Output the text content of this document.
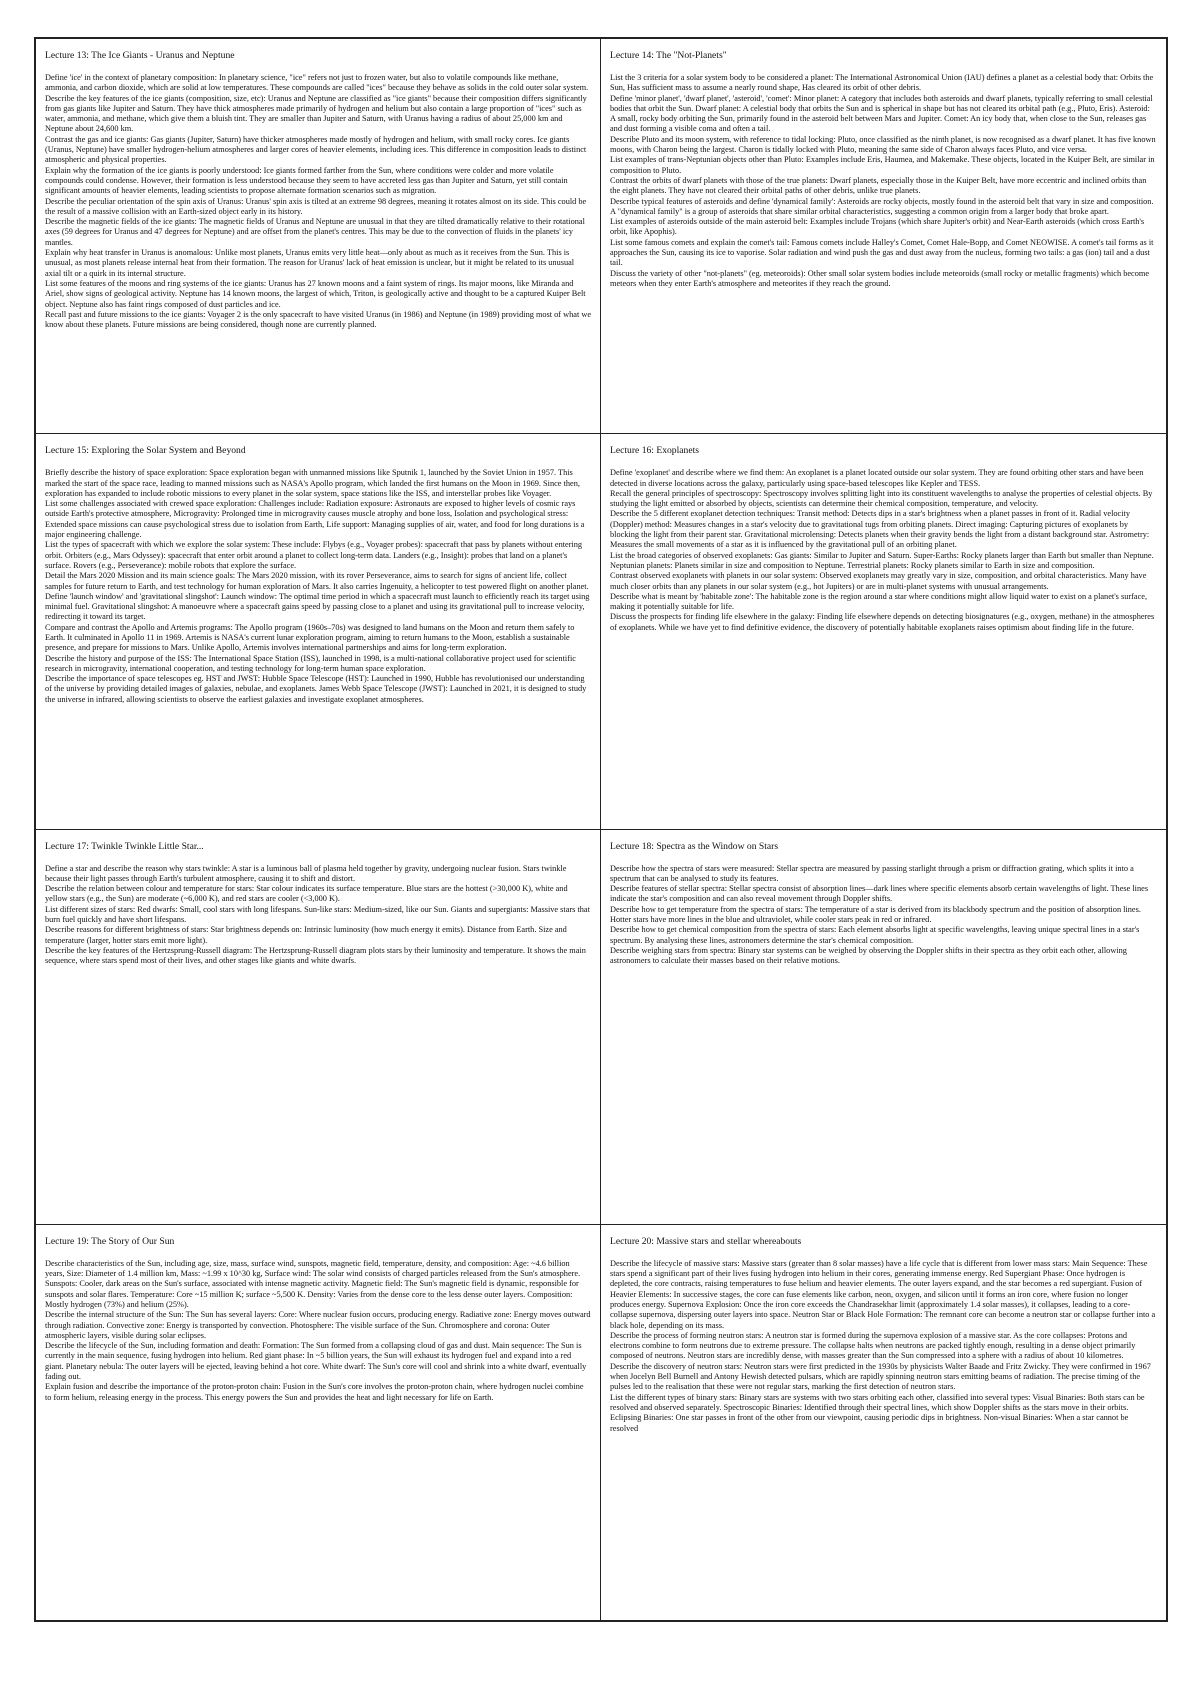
Lecture 13: The Ice Giants - Uranus and Neptune
Define 'ice' in the context of planetary composition: In planetary science, "ice" refers not just to frozen water, but also to volatile compounds like methane, ammonia, and carbon dioxide, which are solid at low temperatures. These compounds are called "ices" because they behave as solids in the cold outer solar system.
Describe the key features of the ice giants (composition, size, etc): Uranus and Neptune are classified as "ice giants" because their composition differs significantly from gas giants like Jupiter and Saturn. They have thick atmospheres made primarily of hydrogen and helium but also contain a large proportion of "ices" such as water, ammonia, and methane, which give them a bluish tint. They are smaller than Jupiter and Saturn, with Uranus having a radius of about 25,000 km and Neptune about 24,600 km.
Contrast the gas and ice giants: Gas giants (Jupiter, Saturn) have thicker atmospheres made mostly of hydrogen and helium, with small rocky cores. Ice giants (Uranus, Neptune) have smaller hydrogen-helium atmospheres and larger cores of heavier elements, including ices. This difference in composition leads to distinct atmospheric and physical properties.
Explain why the formation of the ice giants is poorly understood: Ice giants formed farther from the Sun, where conditions were colder and more volatile compounds could condense. However, their formation is less understood because they seem to have accreted less gas than Jupiter and Saturn, yet still contain significant amounts of heavier elements, leading scientists to propose alternate formation scenarios such as migration.
Describe the peculiar orientation of the spin axis of Uranus: Uranus' spin axis is tilted at an extreme 98 degrees, meaning it rotates almost on its side. This could be the result of a massive collision with an Earth-sized object early in its history.
Describe the magnetic fields of the ice giants: The magnetic fields of Uranus and Neptune are unusual in that they are tilted dramatically relative to their rotational axes (59 degrees for Uranus and 47 degrees for Neptune) and are offset from the planet's centres. This may be due to the convection of fluids in the planets' icy mantles.
Explain why heat transfer in Uranus is anomalous: Unlike most planets, Uranus emits very little heat—only about as much as it receives from the Sun. This is unusual, as most planets release internal heat from their formation. The reason for Uranus' lack of heat emission is unclear, but it might be related to its unusual axial tilt or a quirk in its internal structure.
List some features of the moons and ring systems of the ice giants: Uranus has 27 known moons and a faint system of rings. Its major moons, like Miranda and Ariel, show signs of geological activity. Neptune has 14 known moons, the largest of which, Triton, is geologically active and thought to be a captured Kuiper Belt object. Neptune also has faint rings composed of dust particles and ice.
Recall past and future missions to the ice giants: Voyager 2 is the only spacecraft to have visited Uranus (in 1986) and Neptune (in 1989) providing most of what we know about these planets. Future missions are being considered, though none are currently planned.
Lecture 14: The "Not-Planets"
List the 3 criteria for a solar system body to be considered a planet: The International Astronomical Union (IAU) defines a planet as a celestial body that: Orbits the Sun, Has sufficient mass to assume a nearly round shape, Has cleared its orbit of other debris.
Define 'minor planet', 'dwarf planet', 'asteroid', 'comet': Minor planet: A category that includes both asteroids and dwarf planets, typically referring to small celestial bodies that orbit the Sun. Dwarf planet: A celestial body that orbits the Sun and is spherical in shape but has not cleared its orbital path (e.g., Pluto, Eris). Asteroid: A small, rocky body orbiting the Sun, primarily found in the asteroid belt between Mars and Jupiter. Comet: An icy body that, when close to the Sun, releases gas and dust forming a visible coma and often a tail.
Describe Pluto and its moon system, with reference to tidal locking: Pluto, once classified as the ninth planet, is now recognised as a dwarf planet. It has five known moons, with Charon being the largest. Charon is tidally locked with Pluto, meaning the same side of Charon always faces Pluto, and vice versa.
List examples of trans-Neptunian objects other than Pluto: Examples include Eris, Haumea, and Makemake. These objects, located in the Kuiper Belt, are similar in composition to Pluto.
Contrast the orbits of dwarf planets with those of the true planets: Dwarf planets, especially those in the Kuiper Belt, have more eccentric and inclined orbits than the eight planets. They have not cleared their orbital paths of other debris, unlike true planets.
Describe typical features of asteroids and define 'dynamical family': Asteroids are rocky objects, mostly found in the asteroid belt that vary in size and composition. A "dynamical family" is a group of asteroids that share similar orbital characteristics, suggesting a common origin from a larger body that broke apart.
List examples of asteroids outside of the main asteroid belt: Examples include Trojans (which share Jupiter's orbit) and Near-Earth asteroids (which cross Earth's orbit, like Apophis).
List some famous comets and explain the comet's tail: Famous comets include Halley's Comet, Comet Hale-Bopp, and Comet NEOWISE. A comet's tail forms as it approaches the Sun, causing its ice to vaporise. Solar radiation and wind push the gas and dust away from the nucleus, forming two tails: a gas (ion) tail and a dust tail.
Discuss the variety of other "not-planets" (eg. meteoroids): Other small solar system bodies include meteoroids (small rocky or metallic fragments) which become meteors when they enter Earth's atmosphere and meteorites if they reach the ground.
Lecture 15: Exploring the Solar System and Beyond
Briefly describe the history of space exploration: Space exploration began with unmanned missions like Sputnik 1, launched by the Soviet Union in 1957. This marked the start of the space race, leading to manned missions such as NASA's Apollo program, which landed the first humans on the Moon in 1969. Since then, exploration has expanded to include robotic missions to every planet in the solar system, space stations like the ISS, and interstellar probes like Voyager.
List some challenges associated with crewed space exploration: Challenges include: Radiation exposure: Astronauts are exposed to higher levels of cosmic rays outside Earth's protective atmosphere, Microgravity: Prolonged time in microgravity causes muscle atrophy and bone loss, Isolation and psychological stress: Extended space missions can cause psychological stress due to isolation from Earth, Life support: Managing supplies of air, water, and food for long durations is a major engineering challenge.
List the types of spacecraft with which we explore the solar system: These include: Flybys (e.g., Voyager probes): spacecraft that pass by planets without entering orbit. Orbiters (e.g., Mars Odyssey): spacecraft that enter orbit around a planet to collect long-term data. Landers (e.g., Insight): probes that land on a planet's surface. Rovers (e.g., Perseverance): mobile robots that explore the surface.
Detail the Mars 2020 Mission and its main science goals: The Mars 2020 mission, with its rover Perseverance, aims to search for signs of ancient life, collect samples for future return to Earth, and test technology for human exploration of Mars. It also carries Ingenuity, a helicopter to test powered flight on another planet.
Define 'launch window' and 'gravitational slingshot': Launch window: The optimal time period in which a spacecraft must launch to efficiently reach its target using minimal fuel. Gravitational slingshot: A manoeuvre where a spacecraft gains speed by passing close to a planet and using its gravitational pull to increase velocity, redirecting it toward its target.
Compare and contrast the Apollo and Artemis programs: The Apollo program (1960s–70s) was designed to land humans on the Moon and return them safely to Earth. It culminated in Apollo 11 in 1969. Artemis is NASA's current lunar exploration program, aiming to return humans to the Moon, establish a sustainable presence, and prepare for missions to Mars. Unlike Apollo, Artemis involves international partnerships and aims for long-term exploration.
Describe the history and purpose of the ISS: The International Space Station (ISS), launched in 1998, is a multi-national collaborative project used for scientific research in microgravity, international cooperation, and testing technology for long-term human space exploration.
Describe the importance of space telescopes eg. HST and JWST: Hubble Space Telescope (HST): Launched in 1990, Hubble has revolutionised our understanding of the universe by providing detailed images of galaxies, nebulae, and exoplanets. James Webb Space Telescope (JWST): Launched in 2021, it is designed to study the universe in infrared, allowing scientists to observe the earliest galaxies and investigate exoplanet atmospheres.
Lecture 16: Exoplanets
Define 'exoplanet' and describe where we find them: An exoplanet is a planet located outside our solar system. They are found orbiting other stars and have been detected in diverse locations across the galaxy, particularly using space-based telescopes like Kepler and TESS.
Recall the general principles of spectroscopy: Spectroscopy involves splitting light into its constituent wavelengths to analyse the properties of celestial objects. By studying the light emitted or absorbed by objects, scientists can determine their chemical composition, temperature, and velocity.
Describe the 5 different exoplanet detection techniques: Transit method: Detects dips in a star's brightness when a planet passes in front of it. Radial velocity (Doppler) method: Measures changes in a star's velocity due to gravitational tugs from orbiting planets. Direct imaging: Capturing pictures of exoplanets by blocking the light from their parent star. Gravitational microlensing: Detects planets when their gravity bends the light from a distant background star. Astrometry: Measures the small movements of a star as it is influenced by the gravitational pull of an orbiting planet.
List the broad categories of observed exoplanets: Gas giants: Similar to Jupiter and Saturn. Super-Earths: Rocky planets larger than Earth but smaller than Neptune. Neptunian planets: Planets similar in size and composition to Neptune. Terrestrial planets: Rocky planets similar to Earth in size and composition.
Contrast observed exoplanets with planets in our solar system: Observed exoplanets may greatly vary in size, composition, and orbital characteristics. Many have much closer orbits than any planets in our solar system (e.g., hot Jupiters) or are in multi-planet systems with unusual arrangements.
Describe what is meant by 'habitable zone': The habitable zone is the region around a star where conditions might allow liquid water to exist on a planet's surface, making it potentially suitable for life.
Discuss the prospects for finding life elsewhere in the galaxy: Finding life elsewhere depends on detecting biosignatures (e.g., oxygen, methane) in the atmospheres of exoplanets. While we have yet to find definitive evidence, the discovery of potentially habitable exoplanets raises optimism about finding life in the future.
Lecture 17: Twinkle Twinkle Little Star...
Define a star and describe the reason why stars twinkle: A star is a luminous ball of plasma held together by gravity, undergoing nuclear fusion. Stars twinkle because their light passes through Earth's turbulent atmosphere, causing it to shift and distort.
Describe the relation between colour and temperature for stars: Star colour indicates its surface temperature. Blue stars are the hottest (>30,000 K), white and yellow stars (e.g., the Sun) are moderate (~6,000 K), and red stars are cooler (<3,000 K).
List different sizes of stars: Red dwarfs: Small, cool stars with long lifespans. Sun-like stars: Medium-sized, like our Sun. Giants and supergiants: Massive stars that burn fuel quickly and have short lifespans.
Describe reasons for different brightness of stars: Star brightness depends on: Intrinsic luminosity (how much energy it emits). Distance from Earth. Size and temperature (larger, hotter stars emit more light).
Describe the key features of the Hertzsprung-Russell diagram: The Hertzsprung-Russell diagram plots stars by their luminosity and temperature. It shows the main sequence, where stars spend most of their lives, and other stages like giants and white dwarfs.
Lecture 18: Spectra as the Window on Stars
Describe how the spectra of stars were measured: Stellar spectra are measured by passing starlight through a prism or diffraction grating, which splits it into a spectrum that can be analysed to study its features.
Describe features of stellar spectra: Stellar spectra consist of absorption lines—dark lines where specific elements absorb certain wavelengths of light. These lines indicate the star's composition and can also reveal movement through Doppler shifts.
Describe how to get temperature from the spectra of stars: The temperature of a star is derived from its blackbody spectrum and the position of absorption lines. Hotter stars have more lines in the blue and ultraviolet, while cooler stars peak in red or infrared.
Describe how to get chemical composition from the spectra of stars: Each element absorbs light at specific wavelengths, leaving unique spectral lines in a star's spectrum. By analysing these lines, astronomers determine the star's chemical composition.
Describe weighing stars from spectra: Binary star systems can be weighed by observing the Doppler shifts in their spectra as they orbit each other, allowing astronomers to calculate their masses based on their relative motions.
Lecture 19: The Story of Our Sun
Describe characteristics of the Sun, including age, size, mass, surface wind, sunspots, magnetic field, temperature, density, and composition: Age: ~4.6 billion years, Size: Diameter of 1.4 million km, Mass: ~1.99 x 10^30 kg, Surface wind: The solar wind consists of charged particles released from the Sun's atmosphere. Sunspots: Cooler, dark areas on the Sun's surface, associated with intense magnetic activity. Magnetic field: The Sun's magnetic field is dynamic, responsible for sunspots and solar flares. Temperature: Core ~15 million K; surface ~5,500 K. Density: Varies from the dense core to the less dense outer layers. Composition: Mostly hydrogen (73%) and helium (25%).
Describe the internal structure of the Sun: The Sun has several layers: Core: Where nuclear fusion occurs, producing energy. Radiative zone: Energy moves outward through radiation. Convective zone: Energy is transported by convection. Photosphere: The visible surface of the Sun. Chromosphere and corona: Outer atmospheric layers, visible during solar eclipses.
Describe the lifecycle of the Sun, including formation and death: Formation: The Sun formed from a collapsing cloud of gas and dust. Main sequence: The Sun is currently in the main sequence, fusing hydrogen into helium. Red giant phase: In ~5 billion years, the Sun will exhaust its hydrogen fuel and expand into a red giant. Planetary nebula: The outer layers will be ejected, leaving behind a hot core. White dwarf: The Sun's core will cool and shrink into a white dwarf, eventually fading out.
Explain fusion and describe the importance of the proton-proton chain: Fusion in the Sun's core involves the proton-proton chain, where hydrogen nuclei combine to form helium, releasing energy in the process. This energy powers the Sun and provides the heat and light necessary for life on Earth.
Lecture 20: Massive stars and stellar whereabouts
Describe the lifecycle of massive stars: Massive stars (greater than 8 solar masses) have a life cycle that is different from lower mass stars: Main Sequence: These stars spend a significant part of their lives fusing hydrogen into helium in their cores, generating immense energy. Red Supergiant Phase: Once hydrogen is depleted, the core contracts, raising temperatures to fuse helium and heavier elements. The outer layers expand, and the star becomes a red supergiant. Fusion of Heavier Elements: In successive stages, the core can fuse elements like carbon, neon, oxygen, and silicon until it forms an iron core, where fusion no longer produces energy. Supernova Explosion: Once the iron core exceeds the Chandrasekhar limit (approximately 1.4 solar masses), it collapses, leading to a core-collapse supernova, dispersing outer layers into space. Neutron Star or Black Hole Formation: The remnant core can become a neutron star or collapse further into a black hole, depending on its mass.
Describe the process of forming neutron stars: A neutron star is formed during the supernova explosion of a massive star. As the core collapses: Protons and electrons combine to form neutrons due to extreme pressure. The collapse halts when neutrons are packed tightly enough, resulting in a dense object primarily composed of neutrons. Neutron stars are incredibly dense, with masses greater than the Sun compressed into a sphere with a radius of about 10 kilometres.
Describe the discovery of neutron stars: Neutron stars were first predicted in the 1930s by physicists Walter Baade and Fritz Zwicky. They were confirmed in 1967 when Jocelyn Bell Burnell and Antony Hewish detected pulsars, which are rapidly spinning neutron stars emitting beams of radiation. The precise timing of the pulses led to the realisation that these were not regular stars, marking the first detection of neutron stars.
List the different types of binary stars: Binary stars are systems with two stars orbiting each other, classified into several types: Visual Binaries: Both stars can be resolved and observed separately. Spectroscopic Binaries: Identified through their spectral lines, which show Doppler shifts as the stars move in their orbits. Eclipsing Binaries: One star passes in front of the other from our viewpoint, causing periodic dips in brightness. Non-visual Binaries: When a star cannot be resolved
